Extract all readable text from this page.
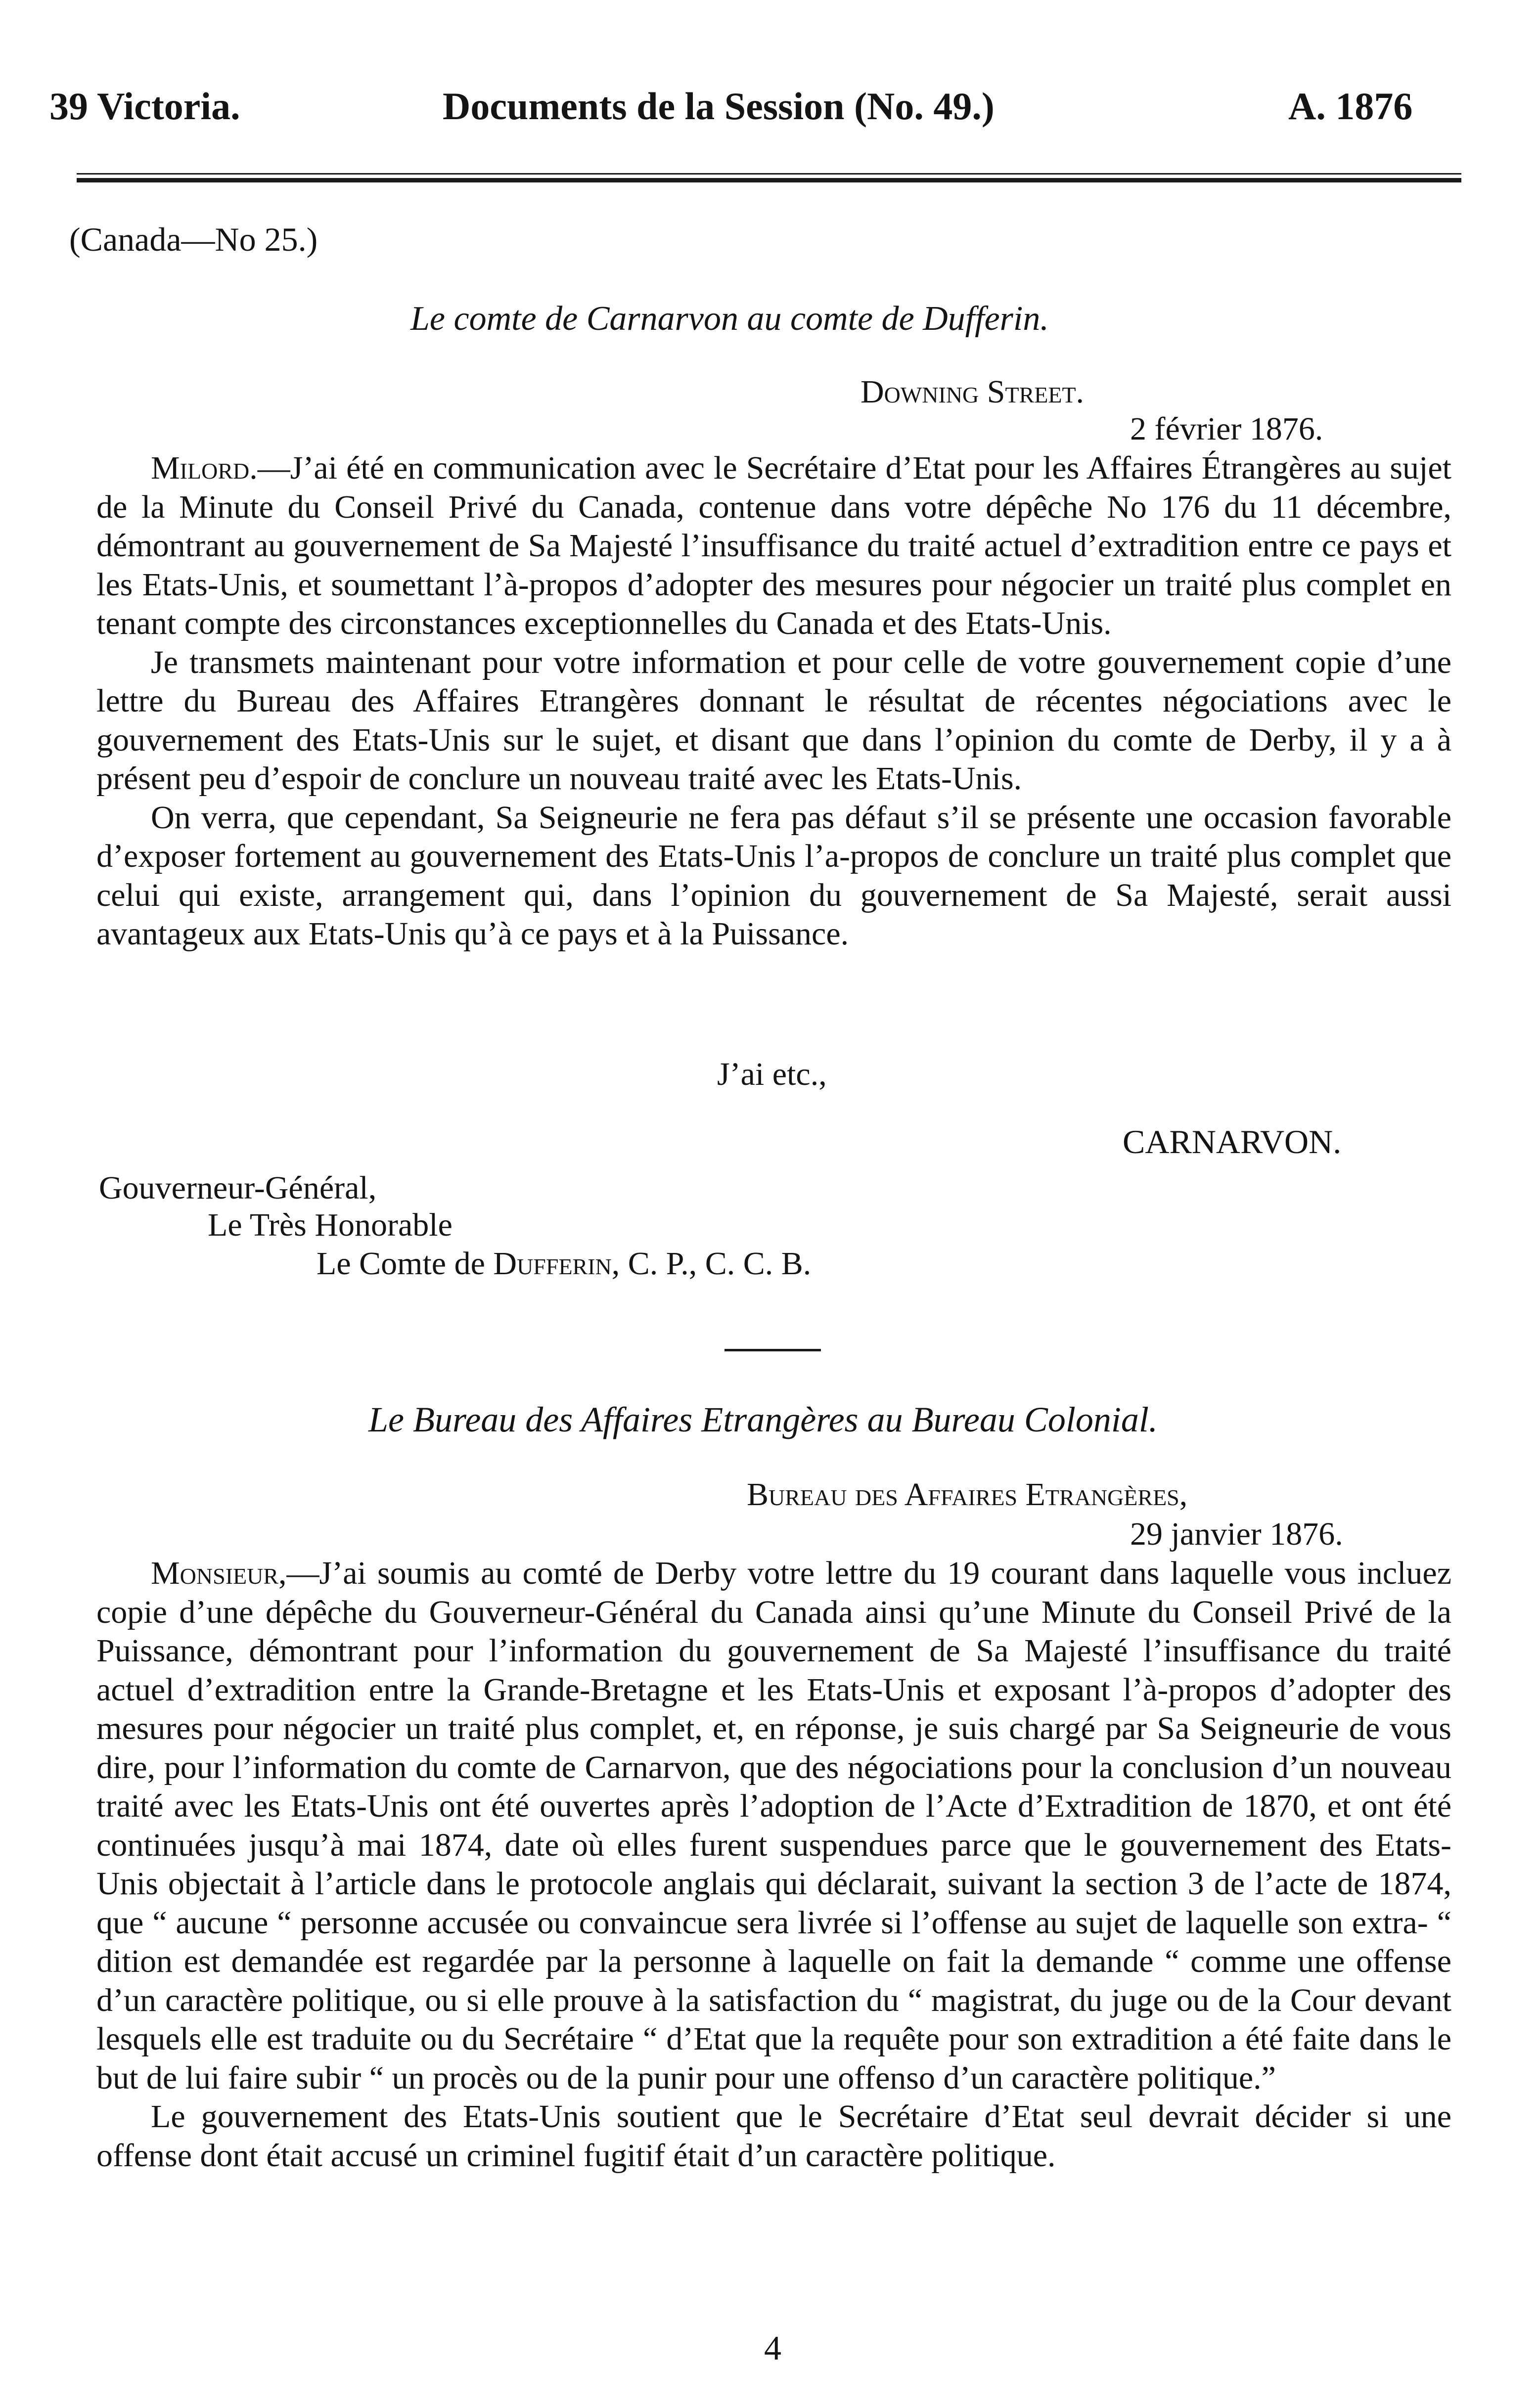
39 Victoria.	Documents de la Session (No. 49.)	A. 1876
(Canada—No 25.)
Le comte de Carnarvon au comte de Dufferin.
Downing Street.
2 février 1876.

Milord.—J’ai été en communication avec le Secrétaire d’Etat pour les Affaires Étrangères au sujet de la Minute du Conseil Privé du Canada, contenue dans votre dépêche No 176 du 11 décembre, démontrant au gouvernement de Sa Majesté l’insuffisance du traité actuel d’extradition entre ce pays et les Etats-Unis, et soumettant l’à-propos d’adopter des mesures pour négocier un traité plus complet en tenant compte des circonstances exceptionnelles du Canada et des Etats-Unis.

Je transmets maintenant pour votre information et pour celle de votre gouvernement copie d’une lettre du Bureau des Affaires Etrangères donnant le résultat de récentes négociations avec le gouvernement des Etats-Unis sur le sujet, et disant que dans l’opinion du comte de Derby, il y a à présent peu d’espoir de conclure un nouveau traité avec les Etats-Unis.

On verra, que cependant, Sa Seigneurie ne fera pas défaut s’il se présente une occasion favorable d’exposer fortement au gouvernement des Etats-Unis l’a-propos de conclure un traité plus complet que celui qui existe, arrangement qui, dans l’opinion du gouvernement de Sa Majesté, serait aussi avantageux aux Etats-Unis qu’à ce pays et à la Puissance.

J’ai etc.,
CARNARVON.
Gouverneur-Général,
Le Très Honorable
Le Comte de Dufferin, C. P., C. C. B.
Le Bureau des Affaires Etrangères au Bureau Colonial.
Bureau des Affaires Etrangères,
29 janvier 1876.

Monsieur,—J’ai soumis au comté de Derby votre lettre du 19 courant dans laquelle vous incluez copie d’une dépêche du Gouverneur-Général du Canada ainsi qu’une Minute du Conseil Privé de la Puissance, démontrant pour l’information du gouvernement de Sa Majesté l’insuffisance du traité actuel d’extradition entre la Grande-Bretagne et les Etats-Unis et exposant l’à-propos d’adopter des mesures pour négocier un traité plus complet, et, en réponse, je suis chargé par Sa Seigneurie de vous dire, pour l’information du comte de Carnarvon, que des négociations pour la conclusion d’un nouveau traité avec les Etats-Unis ont été ouvertes après l’adoption de l’Acte d’Extradition de 1870, et ont été continuées jusqu’à mai 1874, date où elles furent suspendues parce que le gouvernement des Etats-Unis objectait à l’article dans le protocole anglais qui déclarait, suivant la section 3 de l’acte de 1874, que “ aucune “ personne accusée ou convaincue sera livrée si l’offense au sujet de laquelle son extra- “ dition est demandée est regardée par la personne à laquelle on fait la demande “ comme une offense d’un caractère politique, ou si elle prouve à la satisfaction du “ magistrat, du juge ou de la Cour devant lesquels elle est traduite ou du Secrétaire “ d’Etat que la requête pour son extradition a été faite dans le but de lui faire subir “ un procès ou de la punir pour une offenso d’un caractère politique.”

Le gouvernement des Etats-Unis soutient que le Secrétaire d’Etat seul devrait décider si une offense dont était accusé un criminel fugitif était d’un caractère politique.

4
